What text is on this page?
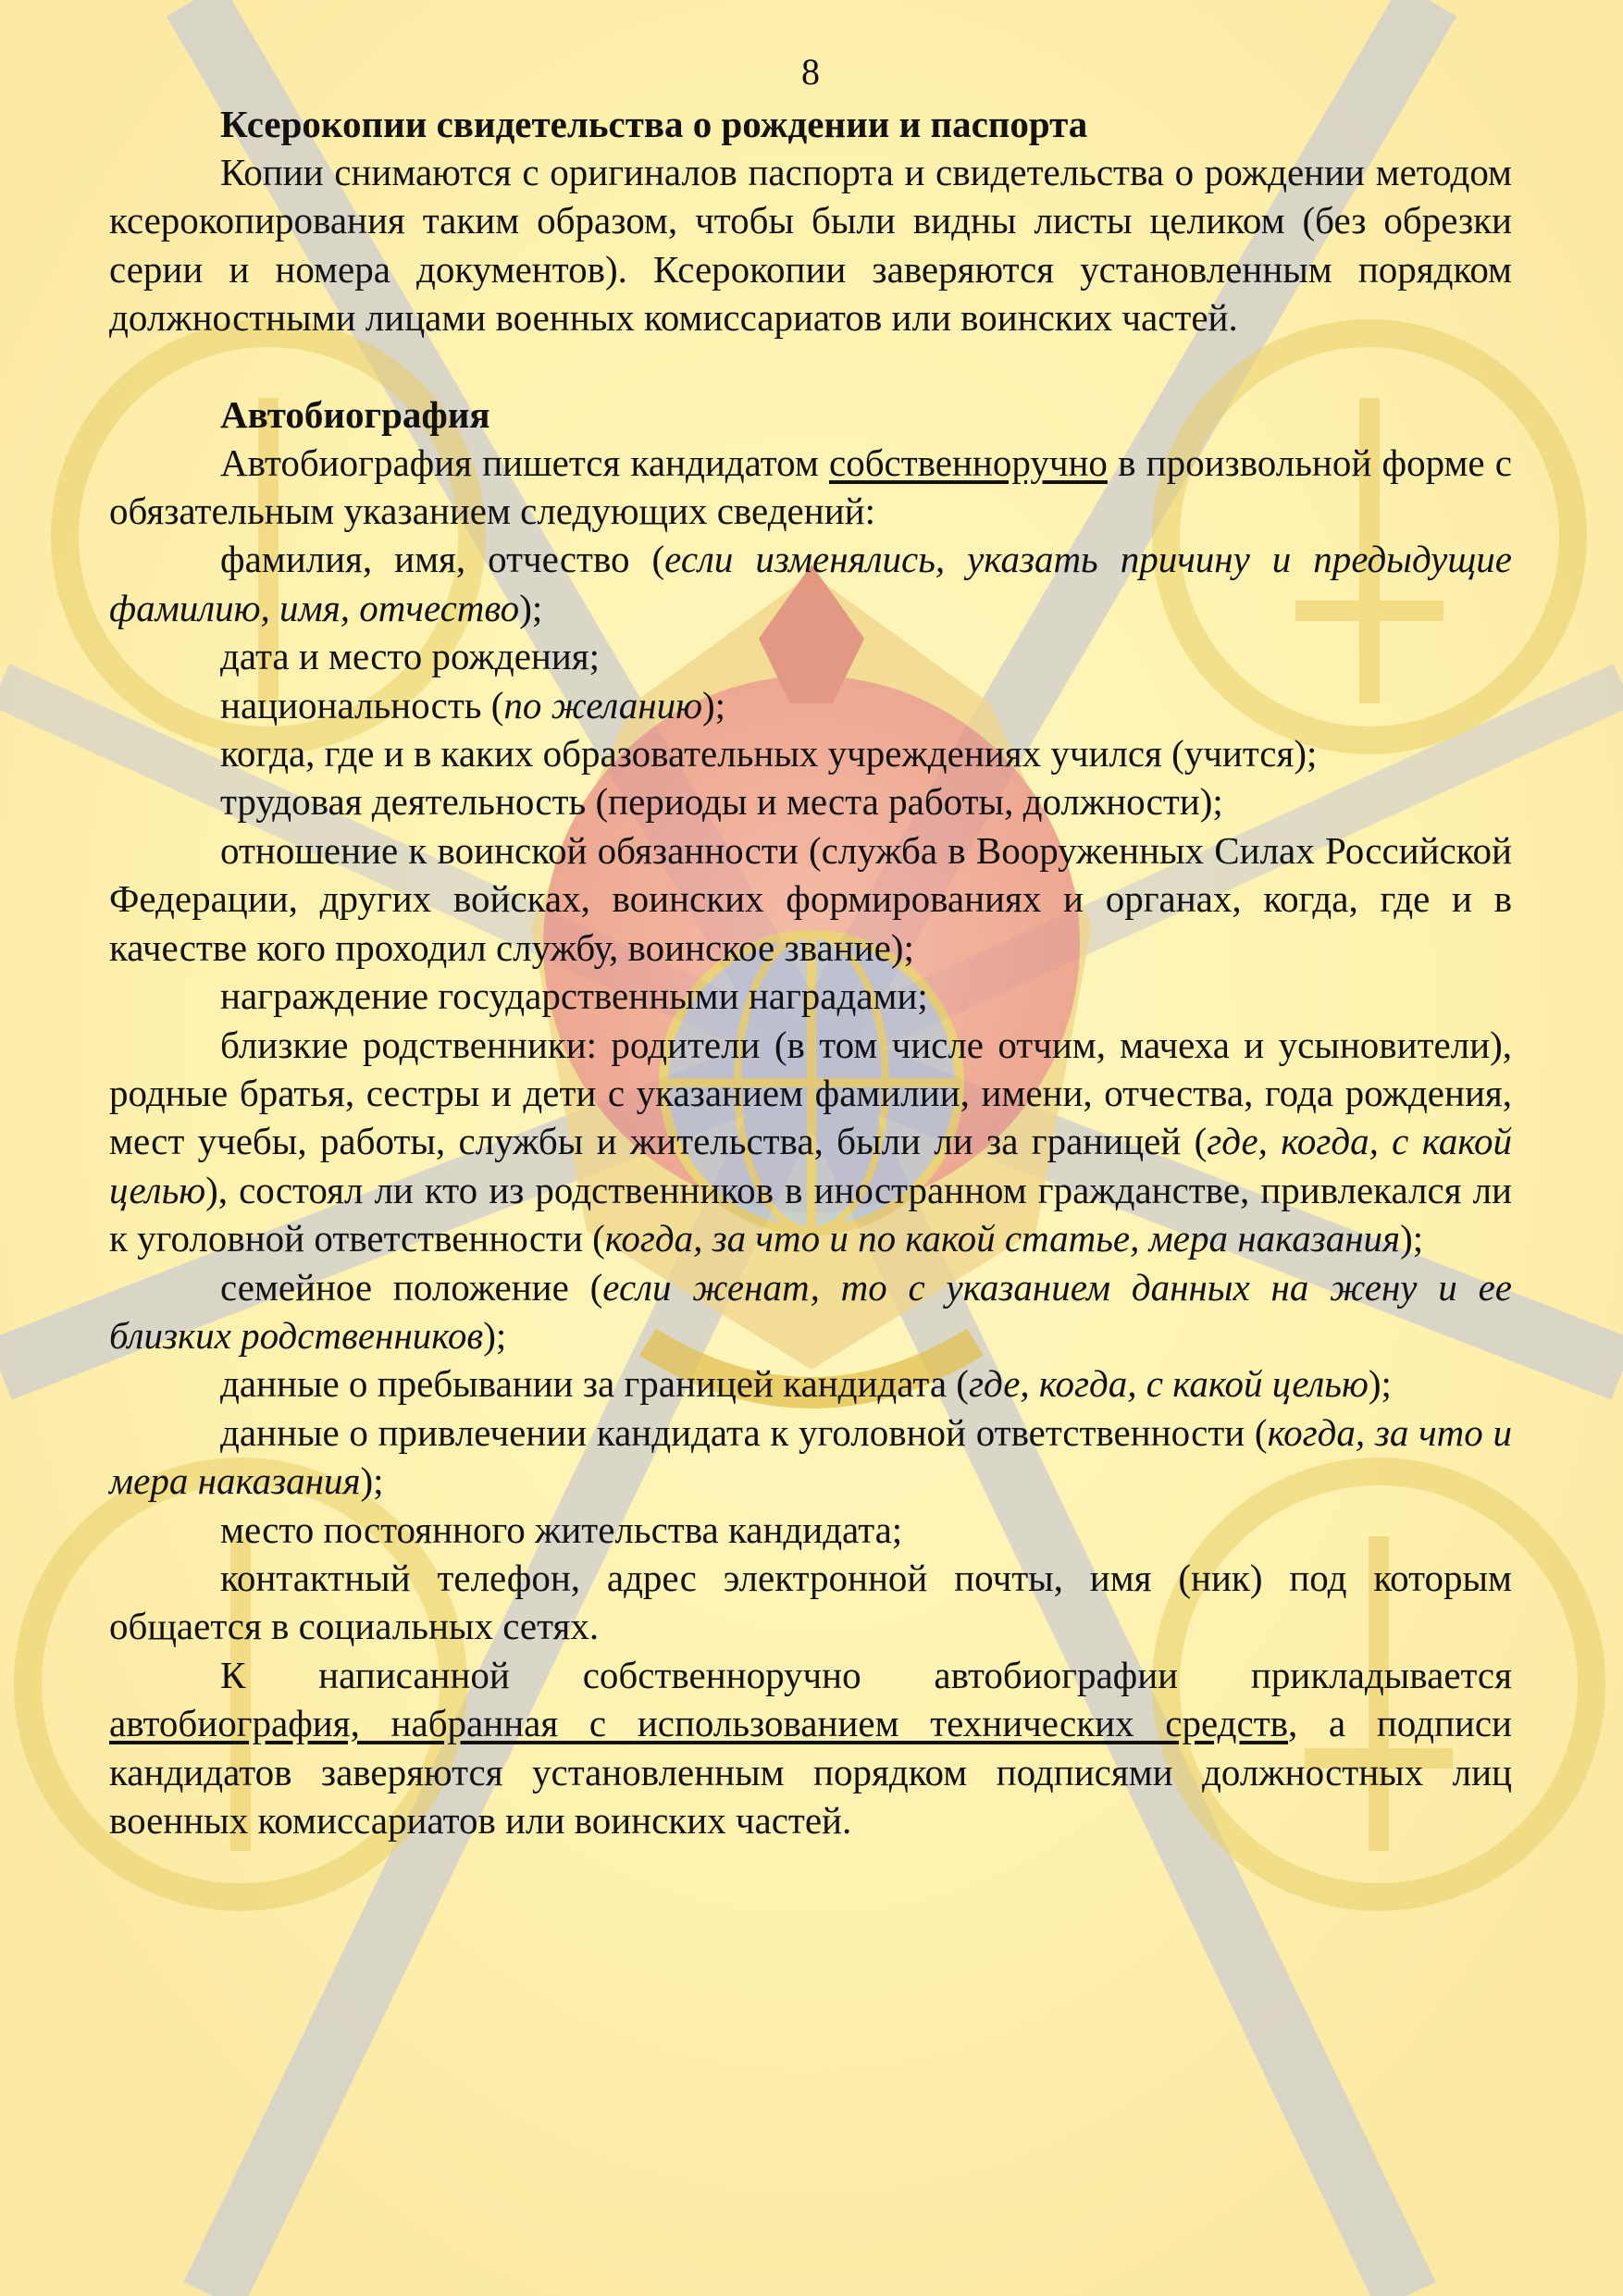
8
Ксерокопии свидетельства о рождении и паспорта

Копии снимаются с оригиналов паспорта и свидетельства о рождении методом ксерокопирования таким образом, чтобы были видны листы целиком (без обрезки серии и номера документов). Ксерокопии заверяются установленным порядком должностными лицами военных комиссариатов или воинских частей.

Автобиография

Автобиография пишется кандидатом собственноручно в произвольной форме с обязательным указанием следующих сведений:

фамилия, имя, отчество (если изменялись, указать причину и предыдущие фамилию, имя, отчество);

дата и место рождения;

национальность (по желанию);

когда, где и в каких образовательных учреждениях учился (учится);

трудовая деятельность (периоды и места работы, должности);

отношение к воинской обязанности (служба в Вооруженных Силах Российской Федерации, других войсках, воинских формированиях и органах, когда, где и в качестве кого проходил службу, воинское звание);

награждение государственными наградами;

близкие родственники: родители (в том числе отчим, мачеха и усыновители), родные братья, сестры и дети с указанием фамилии, имени, отчества, года рождения, мест учебы, работы, службы и жительства, были ли за границей (где, когда, с какой целью), состоял ли кто из родственников в иностранном гражданстве, привлекался ли к уголовной ответственности (когда, за что и по какой статье, мера наказания);

семейное положение (если женат, то с указанием данных на жену и ее близких родственников);

данные о пребывании за границей кандидата (где, когда, с какой целью);

данные о привлечении кандидата к уголовной ответственности (когда, за что и мера наказания);

место постоянного жительства кандидата;

контактный телефон, адрес электронной почты, имя (ник) под которым общается в социальных сетях.

К написанной собственноручно автобиографии прикладывается автобиография, набранная с использованием технических средств, а подписи кандидатов заверяются установленным порядком подписями должностных лиц военных комиссариатов или воинских частей.
